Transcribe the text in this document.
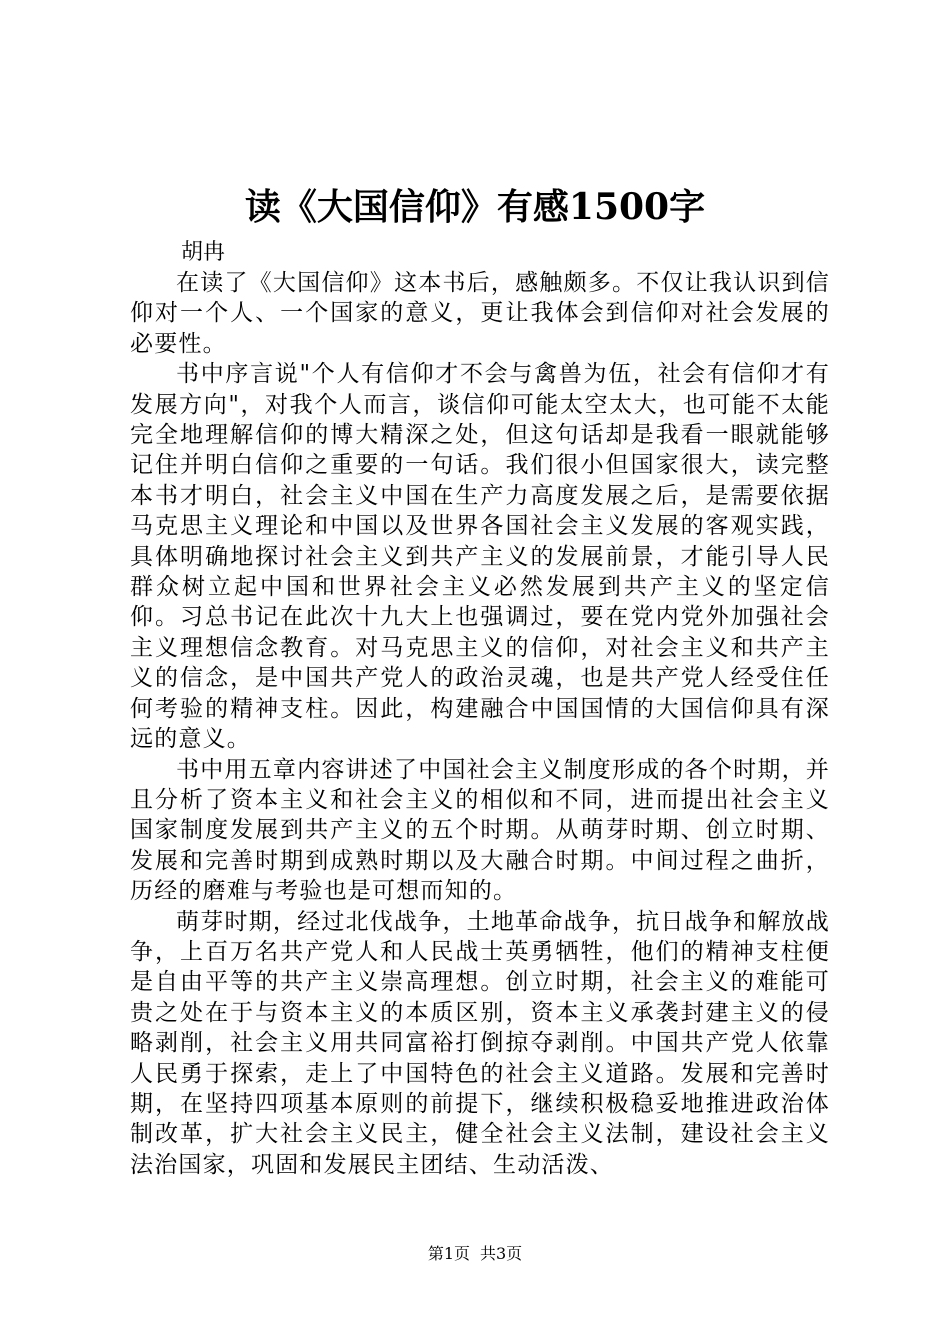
读《大国信仰》有感1500字
胡冉

在读了《大国信仰》这本书后，感触颇多。不仅让我认识到信仰对一个人、一个国家的意义，更让我体会到信仰对社会发展的必要性。

书中序言说"个人有信仰才不会与禽兽为伍，社会有信仰才有发展方向"，对我个人而言，谈信仰可能太空太大，也可能不太能完全地理解信仰的博大精深之处，但这句话却是我看一眼就能够记住并明白信仰之重要的一句话。我们很小但国家很大，读完整本书才明白，社会主义中国在生产力高度发展之后，是需要依据马克思主义理论和中国以及世界各国社会主义发展的客观实践，具体明确地探讨社会主义到共产主义的发展前景，才能引导人民群众树立起中国和世界社会主义必然发展到共产主义的坚定信仰。习总书记在此次十九大上也强调过，要在党内党外加强社会主义理想信念教育。对马克思主义的信仰，对社会主义和共产主义的信念，是中国共产党人的政治灵魂，也是共产党人经受住任何考验的精神支柱。因此，构建融合中国国情的大国信仰具有深远的意义。

书中用五章内容讲述了中国社会主义制度形成的各个时期，并且分析了资本主义和社会主义的相似和不同，进而提出社会主义国家制度发展到共产主义的五个时期。从萌芽时期、创立时期、发展和完善时期到成熟时期以及大融合时期。中间过程之曲折，历经的磨难与考验也是可想而知的。

萌芽时期，经过北伐战争，土地革命战争，抗日战争和解放战争，上百万名共产党人和人民战士英勇牺牲，他们的精神支柱便是自由平等的共产主义崇高理想。创立时期，社会主义的难能可贵之处在于与资本主义的本质区别，资本主义承袭封建主义的侵略剥削，社会主义用共同富裕打倒掠夺剥削。中国共产党人依靠人民勇于探索，走上了中国特色的社会主义道路。发展和完善时期，在坚持四项基本原则的前提下，继续积极稳妥地推进政治体制改革，扩大社会主义民主，健全社会主义法制，建设社会主义法治国家，巩固和发展民主团结、生动活泼、

第1页 共3页
